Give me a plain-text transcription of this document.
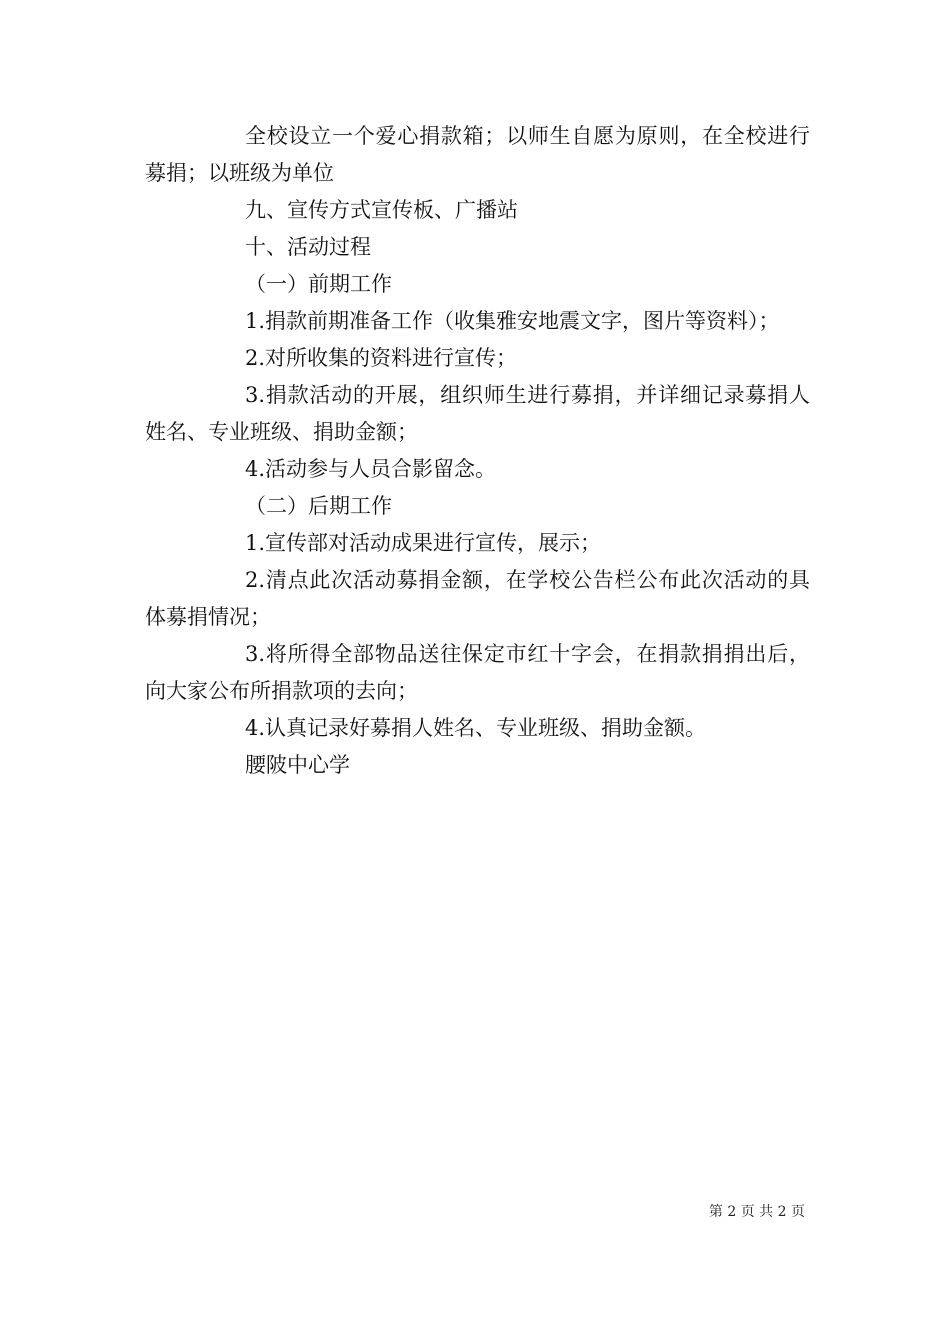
全校设立一个爱心捐款箱；以师生自愿为原则，在全校进行募捐；以班级为单位

九、宣传方式宣传板、广播站

十、活动过程

（一）前期工作

1.捐款前期准备工作（收集雅安地震文字，图片等资料）；

2.对所收集的资料进行宣传；

3.捐款活动的开展，组织师生进行募捐，并详细记录募捐人姓名、专业班级、捐助金额；

4.活动参与人员合影留念。

（二）后期工作

1.宣传部对活动成果进行宣传，展示；

2.清点此次活动募捐金额，在学校公告栏公布此次活动的具体募捐情况；

3.将所得全部物品送往保定市红十字会，在捐款捐捐出后，向大家公布所捐款项的去向；

4.认真记录好募捐人姓名、专业班级、捐助金额。

腰陂中心学

第 2 页 共 2 页
